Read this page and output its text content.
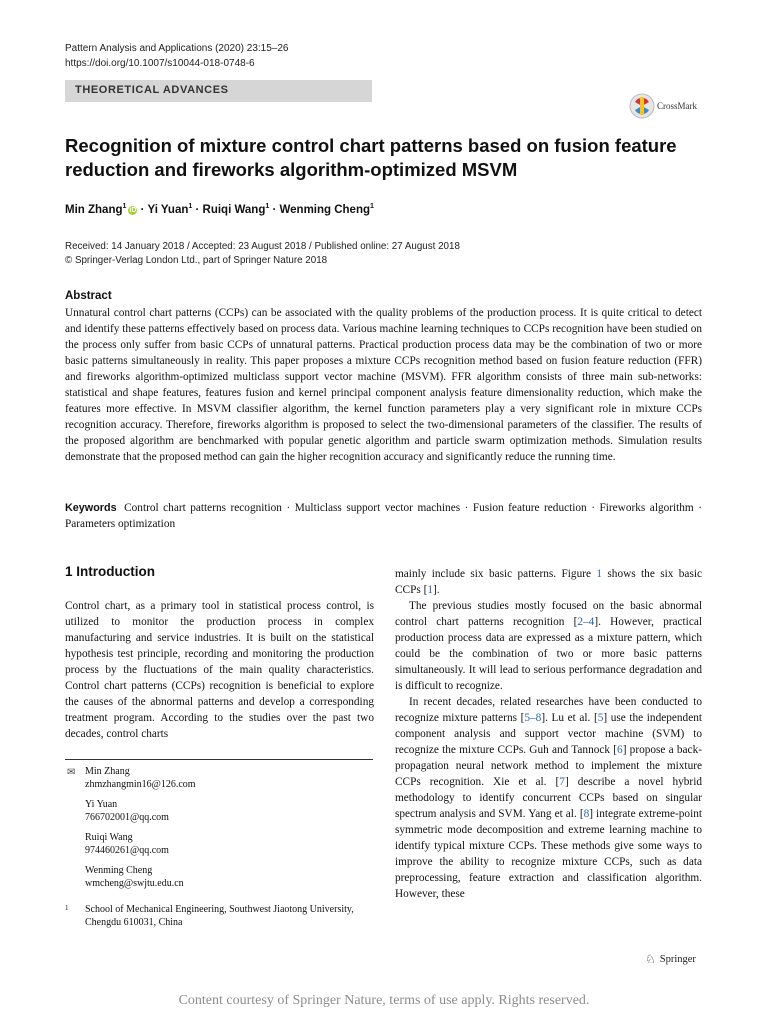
Pattern Analysis and Applications (2020) 23:15–26
https://doi.org/10.1007/s10044-018-0748-6
THEORETICAL ADVANCES
CrossMark
Recognition of mixture control chart patterns based on fusion feature
reduction and fireworks algorithm-optimized MSVM
Min Zhang$^1$iD · Yi Yuan$^1$ · Ruiqi Wang$^1$ · Wenming Cheng$^1$
Received: 14 January 2018 / Accepted: 23 August 2018 / Published online: 27 August 2018
© Springer-Verlag London Ltd., part of Springer Nature 2018
Abstract
Unnatural control chart patterns (CCPs) can be associated with the quality problems of the production process. It is quite critical to detect and identify these patterns effectively based on process data. Various machine learning techniques to CCPs recognition have been studied on the process only suffer from basic CCPs of unnatural patterns. Practical production process data may be the combination of two or more basic patterns simultaneously in reality. This paper proposes a mixture CCPs recognition method based on fusion feature reduction (FFR) and fireworks algorithm-optimized multiclass support vector machine (MSVM). FFR algorithm consists of three main sub-networks: statistical and shape features, features fusion and kernel principal component analysis feature dimensionality reduction, which make the features more effective. In MSVM classifier algorithm, the kernel function parameters play a very significant role in mixture CCPs recognition accuracy. Therefore, fireworks algorithm is proposed to select the two-dimensional parameters of the classifier. The results of the proposed algorithm are benchmarked with popular genetic algorithm and particle swarm optimization methods. Simulation results demonstrate that the proposed method can gain the higher recognition accuracy and significantly reduce the running time.
Keywords Control chart patterns recognition · Multiclass support vector machines · Fusion feature reduction · Fireworks algorithm · Parameters optimization
1 Introduction

Control chart, as a primary tool in statistical process control, is utilized to monitor the production process in complex manufacturing and service industries. It is built on the statistical hypothesis test principle, recording and monitoring the production process by the fluctuations of the main quality characteristics. Control chart patterns (CCPs) recognition is beneficial to explore the causes of the abnormal patterns and develop a corresponding treatment program. According to the studies over the past two decades, control charts

mainly include six basic patterns. Figure 1 shows the six basic CCPs [1].

The previous studies mostly focused on the basic abnormal control chart patterns recognition [2–4]. However, practical production process data are expressed as a mixture pattern, which could be the combination of two or more basic patterns simultaneously. It will lead to serious performance degradation and is difficult to recognize.

In recent decades, related researches have been conducted to recognize mixture patterns [5–8]. Lu et al. [5] use the independent component analysis and support vector machine (SVM) to recognize the mixture CCPs. Guh and Tannock [6] propose a back-propagation neural network method to implement the mixture CCPs recognition. Xie et al. [7] describe a novel hybrid methodology to identify concurrent CCPs based on singular spectrum analysis and SVM. Yang et al. [8] integrate extreme-point symmetric mode decomposition and extreme learning machine to identify typical mixture CCPs. These methods give some ways to improve the ability to recognize mixture CCPs, such as data preprocessing, feature extraction and classification algorithm. However, these

✉ Min Zhang
zhmzhangmin16@126.com
Yi Yuan
766702001@qq.com
Ruiqi Wang
974460261@qq.com
Wenming Cheng
wmcheng@swjtu.edu.cn
1 School of Mechanical Engineering, Southwest Jiaotong University, Chengdu 610031, China
♘ Springer
Content courtesy of Springer Nature, terms of use apply. Rights reserved.
